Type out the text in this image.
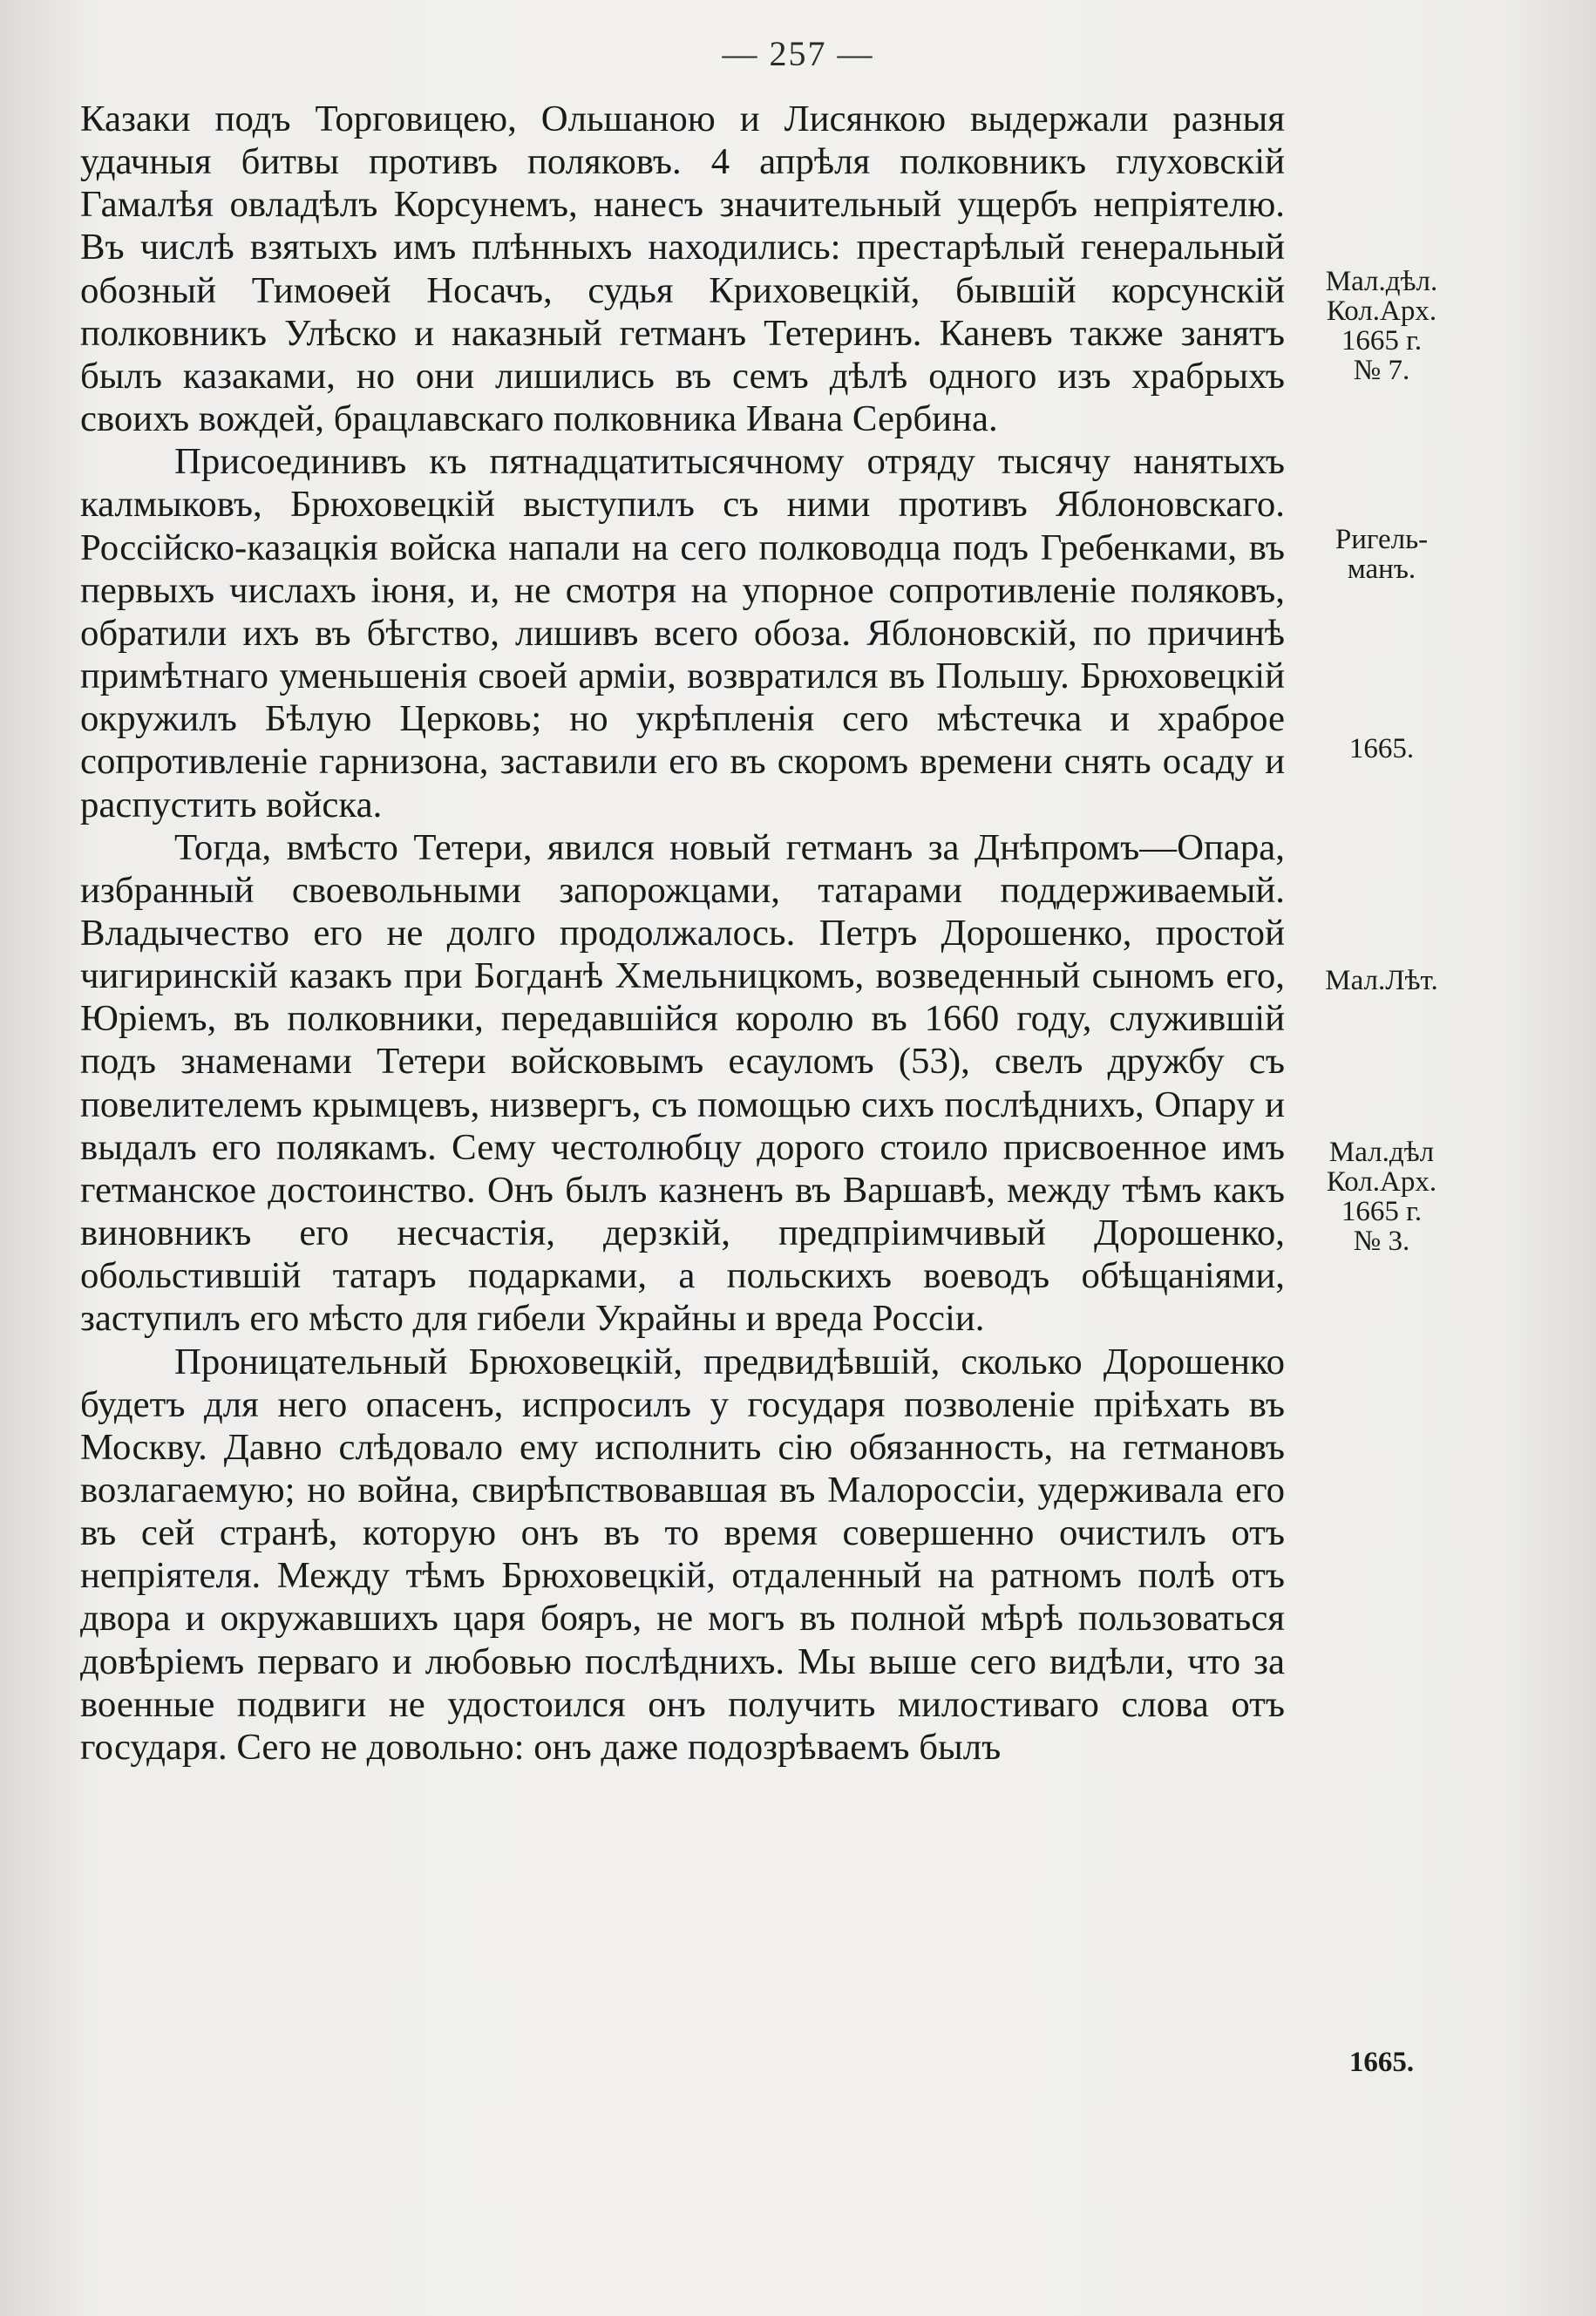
— 257 —

Казаки подъ Торговицею, Ольшаною и Лисянкою выдержали разныя удачныя битвы противъ поляковъ. 4 апрѣля полковникъ глуховскій Гамалѣя овладѣлъ Корсунемъ, нанесъ значительный ущербъ непріятелю. Въ числѣ взятыхъ имъ плѣнныхъ находились: престарѣлый генеральный обозный Тимоѳей Носачъ, судья Криховецкій, бывшій корсунскій полковникъ Улѣско и наказный гетманъ Тетеринъ. Каневъ также занятъ былъ казаками, но они лишились въ семъ дѣлѣ одного изъ храбрыхъ своихъ вождей, брацлавскаго полковника Ивана Сербина.

Присоединивъ къ пятнадцатитысячному отряду тысячу нанятыхъ калмыковъ, Брюховецкій выступилъ съ ними противъ Яблоновскаго. Россійско-казацкія войска напали на сего полководца подъ Гребенками, въ первыхъ числахъ іюня, и, не смотря на упорное сопротивленіе поляковъ, обратили ихъ въ бѣгство, лишивъ всего обоза. Яблоновскій, по причинѣ примѣтнаго уменьшенія своей арміи, возвратился въ Польшу. Брюховецкій окружилъ Бѣлую Церковь; но укрѣпленія сего мѣстечка и храброе сопротивленіе гарнизона, заставили его въ скоромъ времени снять осаду и распустить войска.

Тогда, вмѣсто Тетери, явился новый гетманъ за Днѣпромъ—Опара, избранный своевольными запорожцами, татарами поддерживаемый. Владычество его не долго продолжалось. Петръ Дорошенко, простой чигиринскій казакъ при Богданѣ Хмельницкомъ, возведенный сыномъ его, Юріемъ, въ полковники, передавшійся королю въ 1660 году, служившій подъ знаменами Тетери войсковымъ есауломъ (53), свелъ дружбу съ повелителемъ крымцевъ, низвергъ, съ помощью сихъ послѣднихъ, Опару и выдалъ его полякамъ. Сему честолюбцу дорого стоило присвоенное имъ гетманское достоинство. Онъ былъ казненъ въ Варшавѣ, между тѣмъ какъ виновникъ его несчастія, дерзкій, предпріимчивый Дорошенко, обольстившій татаръ подарками, а польскихъ воеводъ обѣщаніями, заступилъ его мѣсто для гибели Украйны и вреда Россіи.

Проницательный Брюховецкій, предвидѣвшій, сколько Дорошенко будетъ для него опасенъ, испросилъ у государя позволеніе пріѣхать въ Москву. Давно слѣдовало ему исполнить сію обязанность, на гетмановъ возлагаемую; но война, свирѣпствовавшая въ Малороссіи, удерживала его въ сей странѣ, которую онъ въ то время совершенно очистилъ отъ непріятеля. Между тѣмъ Брюховецкій, отдаленный на ратномъ полѣ отъ двора и окружавшихъ царя бояръ, не могъ въ полной мѣрѣ пользоваться довѣріемъ перваго и любовью послѣднихъ. Мы выше сего видѣли, что за военные подвиги не удостоился онъ получить милостиваго слова отъ государя. Сего не довольно: онъ даже подозрѣваемъ былъ

Мал.дѣл.
Кол.Арх.
1665 г.
№ 7.
Ригель-
манъ.
1665.
Мал.Лѣт.
Мал.дѣл
Кол.Арх.
1665 г.
№ 3.
1665.
